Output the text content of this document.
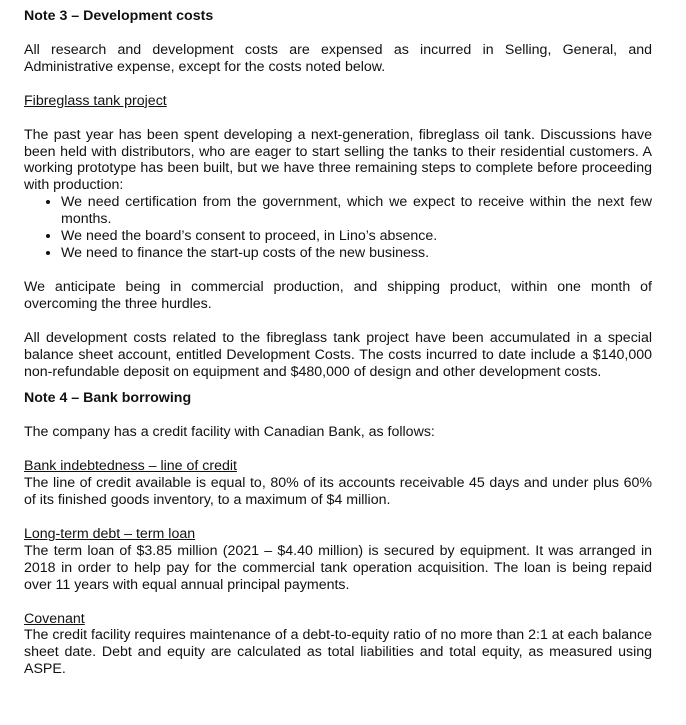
Note 3 – Development costs

All research and development costs are expensed as incurred in Selling, General, and Administrative expense, except for the costs noted below.

Fibreglass tank project

The past year has been spent developing a next-generation, fibreglass oil tank. Discussions have been held with distributors, who are eager to start selling the tanks to their residential customers. A working prototype has been built, but we have three remaining steps to complete before proceeding with production:

• We need certification from the government, which we expect to receive within the next few months.
• We need the board’s consent to proceed, in Lino’s absence.
• We need to finance the start-up costs of the new business.

We anticipate being in commercial production, and shipping product, within one month of overcoming the three hurdles.

All development costs related to the fibreglass tank project have been accumulated in a special balance sheet account, entitled Development Costs. The costs incurred to date include a $140,000 non-refundable deposit on equipment and $480,000 of design and other development costs.

Note 4 – Bank borrowing

The company has a credit facility with Canadian Bank, as follows:

Bank indebtedness – line of credit

The line of credit available is equal to, 80% of its accounts receivable 45 days and under plus 60% of its finished goods inventory, to a maximum of $4 million.

Long-term debt – term loan

The term loan of $3.85 million (2021 – $4.40 million) is secured by equipment. It was arranged in 2018 in order to help pay for the commercial tank operation acquisition. The loan is being repaid over 11 years with equal annual principal payments.

Covenant

The credit facility requires maintenance of a debt-to-equity ratio of no more than 2:1 at each balance sheet date. Debt and equity are calculated as total liabilities and total equity, as measured using ASPE.
